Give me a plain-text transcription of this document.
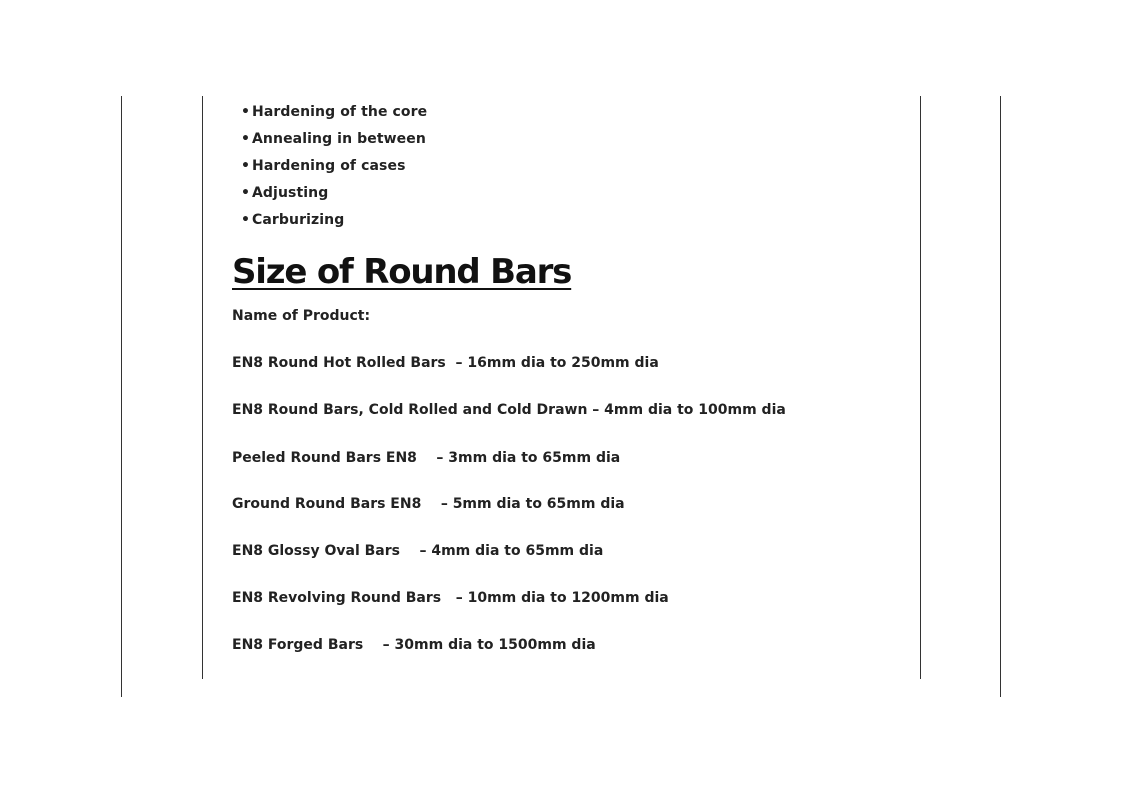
• Hardening of the core
• Annealing in between
• Hardening of cases
• Adjusting
• Carburizing
Size of Round Bars
Name of Product:
EN8 Round Hot Rolled Bars  – 16mm dia to 250mm dia
EN8 Round Bars, Cold Rolled and Cold Drawn – 4mm dia to 100mm dia
Peeled Round Bars EN8    – 3mm dia to 65mm dia
Ground Round Bars EN8    – 5mm dia to 65mm dia
EN8 Glossy Oval Bars    – 4mm dia to 65mm dia
EN8 Revolving Round Bars   – 10mm dia to 1200mm dia
EN8 Forged Bars    – 30mm dia to 1500mm dia
